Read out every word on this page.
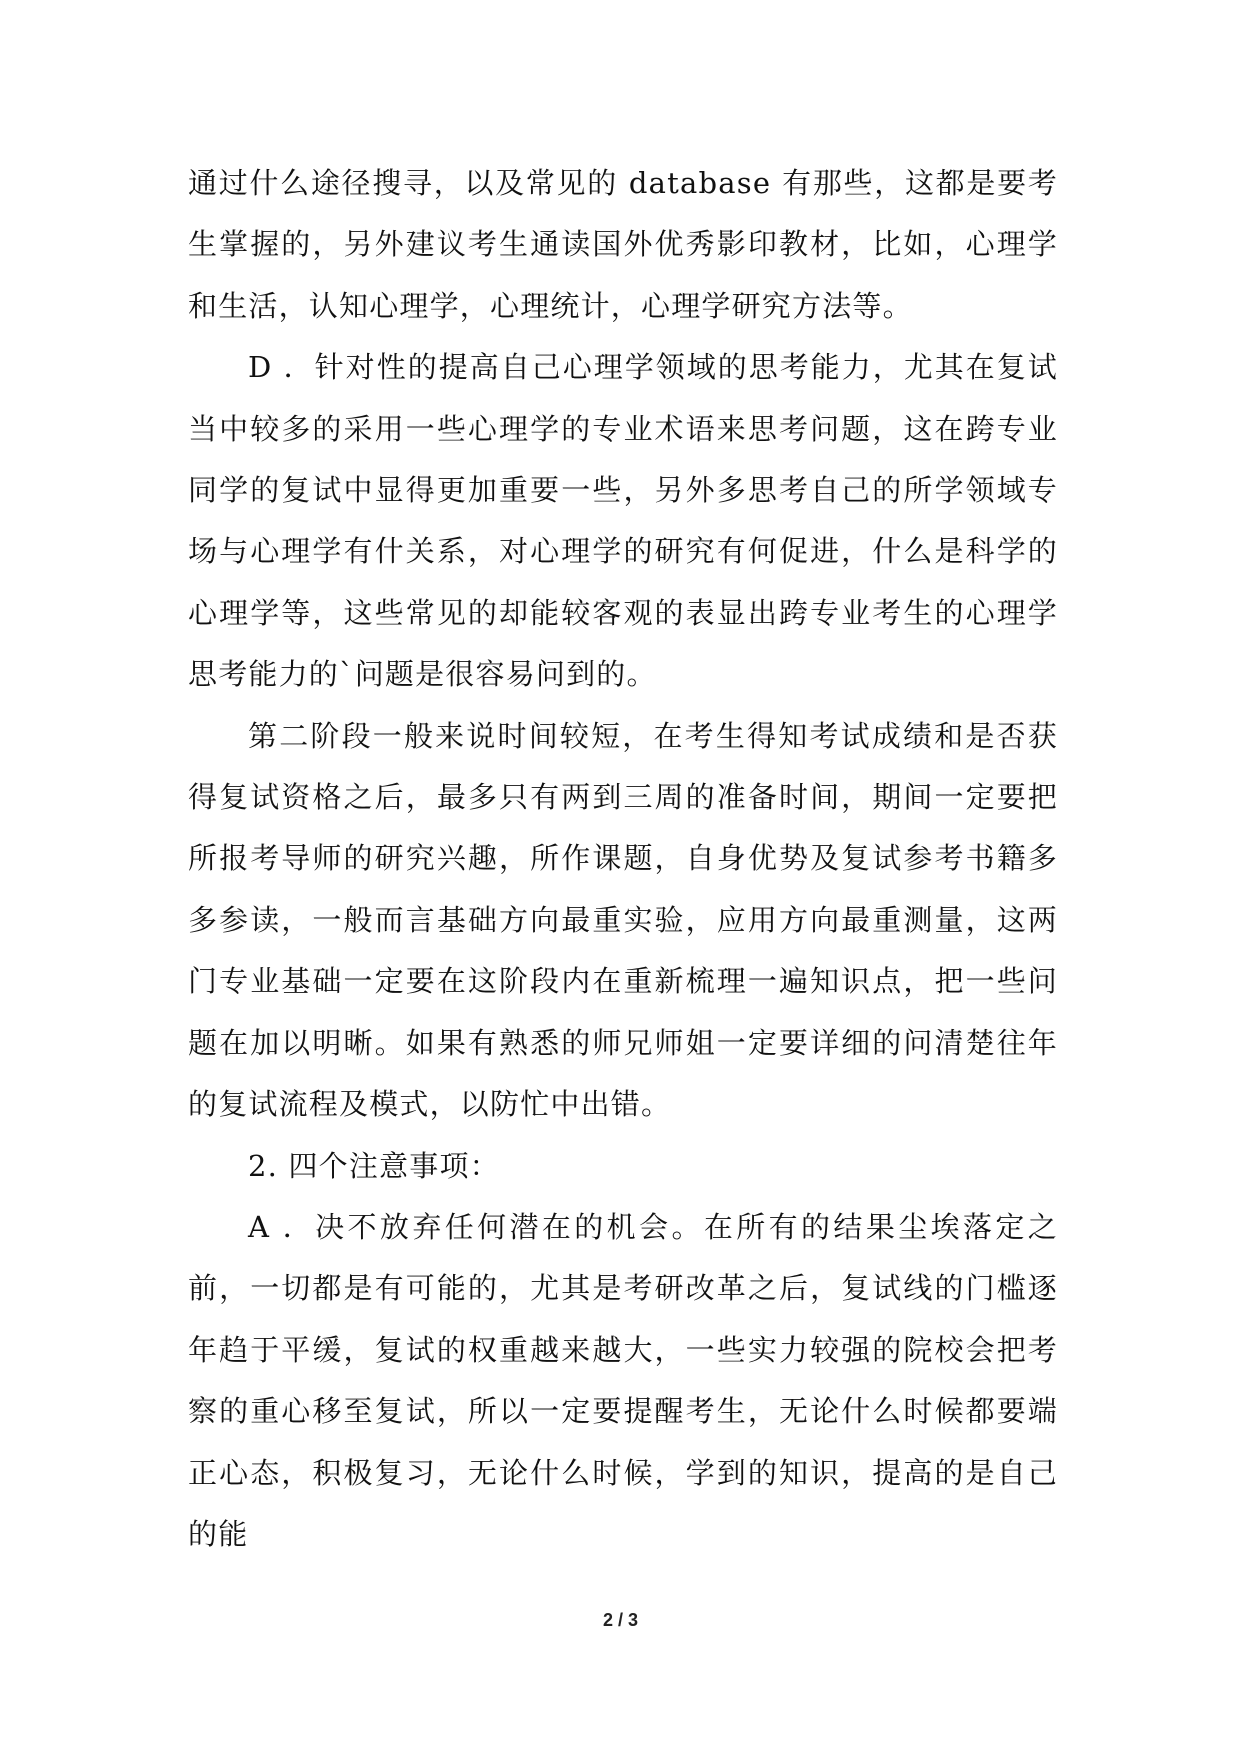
通过什么途径搜寻，以及常见的 database 有那些，这都是要考生掌握的，另外建议考生通读国外优秀影印教材，比如，心理学和生活，认知心理学，心理统计，心理学研究方法等。

D ．针对性的提高自己心理学领域的思考能力，尤其在复试当中较多的采用一些心理学的专业术语来思考问题，这在跨专业同学的复试中显得更加重要一些，另外多思考自己的所学领域专场与心理学有什关系，对心理学的研究有何促进，什么是科学的心理学等，这些常见的却能较客观的表显出跨专业考生的心理学思考能力的`问题是很容易问到的。

第二阶段一般来说时间较短，在考生得知考试成绩和是否获得复试资格之后，最多只有两到三周的准备时间，期间一定要把所报考导师的研究兴趣，所作课题，自身优势及复试参考书籍多多参读，一般而言基础方向最重实验，应用方向最重测量，这两门专业基础一定要在这阶段内在重新梳理一遍知识点，把一些问题在加以明晰。如果有熟悉的师兄师姐一定要详细的问清楚往年的复试流程及模式，以防忙中出错。

2. 四个注意事项：

A ．决不放弃任何潜在的机会。在所有的结果尘埃落定之前，一切都是有可能的，尤其是考研改革之后，复试线的门槛逐年趋于平缓，复试的权重越来越大，一些实力较强的院校会把考察的重心移至复试，所以一定要提醒考生，无论什么时候都要端正心态，积极复习，无论什么时候，学到的知识，提高的是自己的能

2 / 3
